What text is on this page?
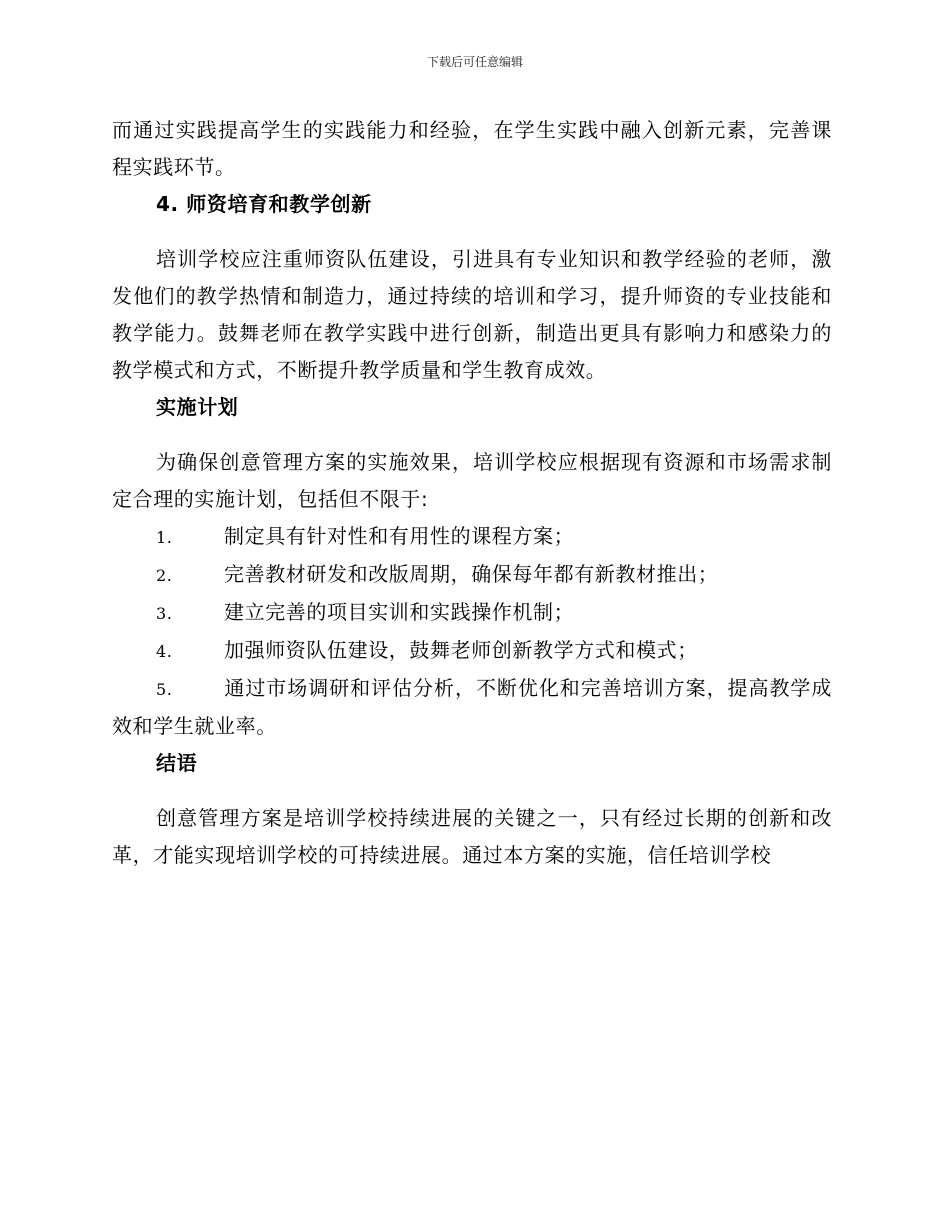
下载后可任意编辑

而通过实践提高学生的实践能力和经验，在学生实践中融入创新元素，完善课程实践环节。

4. 师资培育和教学创新

培训学校应注重师资队伍建设，引进具有专业知识和教学经验的老师，激发他们的教学热情和制造力，通过持续的培训和学习，提升师资的专业技能和教学能力。鼓舞老师在教学实践中进行创新，制造出更具有影响力和感染力的教学模式和方式，不断提升教学质量和学生教育成效。

实施计划

为确保创意管理方案的实施效果，培训学校应根据现有资源和市场需求制定合理的实施计划，包括但不限于:

1.	制定具有针对性和有用性的课程方案；

2.	完善教材研发和改版周期，确保每年都有新教材推出；

3.	建立完善的项目实训和实践操作机制；

4.	加强师资队伍建设，鼓舞老师创新教学方式和模式；

5.	通过市场调研和评估分析，不断优化和完善培训方案，提高教学成效和学生就业率。

结语

创意管理方案是培训学校持续进展的关键之一，只有经过长期的创新和改革，才能实现培训学校的可持续进展。通过本方案的实施，信任培训学校
